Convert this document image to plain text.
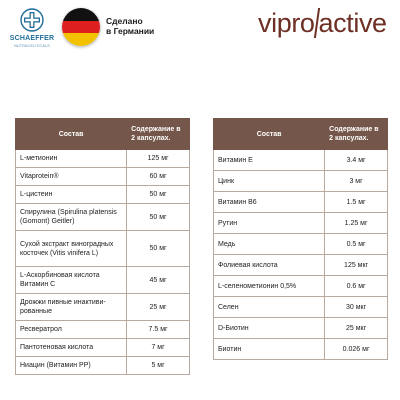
SCHAEFFER
NUTRACEUTICALS
Сделано
в Германии	vipro active
Состав	Содержание в 2 капсулах.
L-метионин	125 мг
Vitaprotein®	60 мг
L-цистеин	50 мг
Спирулина (Spirulina platensis (Gomont) Geitler)	50 мг
Сухой экстракт виноградных косточек (Vitis vinifera L)	50 мг
L-Аскорбиновая кислота Витамин С	45 мг
Дрожжи пивные инактиви-рованные	25 мг
Ресвератрол	7.5 мг
Пантотеновая кислота	7 мг
Ниацин (Витамин PP)	5 мг
Состав	Содержание в 2 капсулах.
Витамин Е	3.4 мг
Цинк	3 мг
Витамин В6	1.5 мг
Рутин	1.25 мг
Медь	0.5 мг
Фолиевая кислота	125 мкг
L-селенометионин 0,5%	0.6 мг
Селен	30 мкг
D-Биотин	25 мкг
Биотин	0.026 мг
